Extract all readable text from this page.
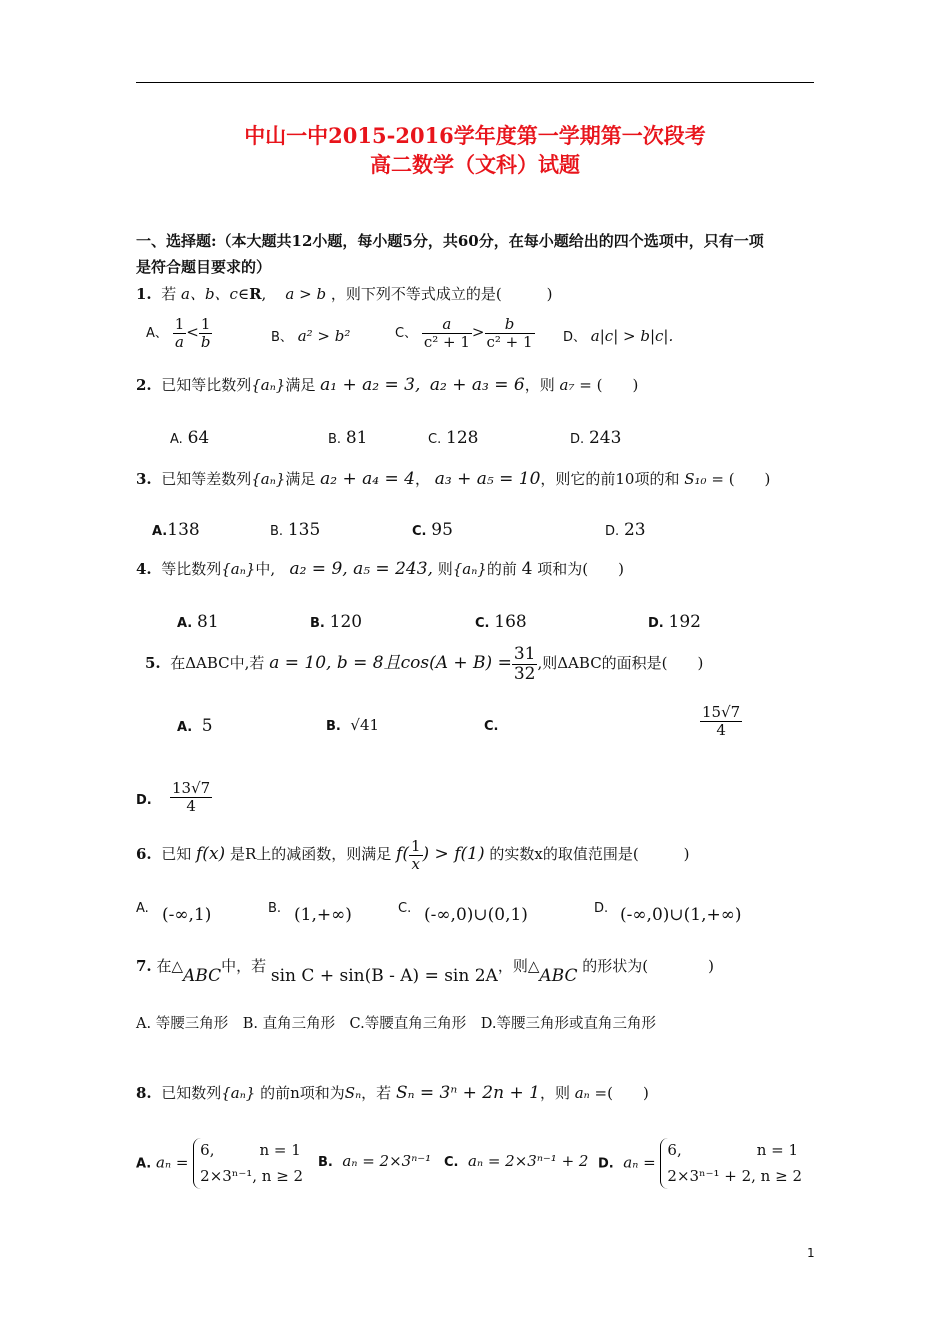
中山一中2015-2016学年度第一学期第一次段考
高二数学（文科）试题
一、选择题:（本大题共12小题，每小题5分，共60分，在每小题给出的四个选项中，只有一项
是符合题目要求的）
1. 若 a、b、c∈R,    a > b ，则下列不等式成立的是(　　　)
A、 $\frac{1}{a} < \frac{1}{b}$	B、 a² > b²	C、 $\frac{a}{\text{c² + 1}} > \frac{b}{\text{c² + 1}}$ D、 a|c| > b|c|.
2. 已知等比数列{aₙ}满足 a₁ + a₂ = 3, a₂ + a₃ = 6，则 a₇ = (　　)
A. 64	B. 81	C. 128	D. 243
3. 已知等差数列{aₙ}满足 a₂ + a₄ = 4， a₃ + a₅ = 10，则它的前10项的和 S₁₀ = (　　)
A.138	B. 135	C. 95	D. 23
4. 等比数列{aₙ}中, a₂ = 9, a₅ = 243, 则{aₙ}的前 4 项和为(　　)
A. 81	B. 120	C. 168	D. 192
5. 在ΔABC中,若 a = 10, b = 8且$\cos(A + B) = \frac{31}{32}$ ,则ΔABC的面积是(　　)
A. 5	B. √41	C.	$\frac{15√7}{4}$
D. $\frac{13√7}{4}$
6. 已知 f(x) 是R上的减函数，则满足 $f( \frac{1}{x}$ ) > f(1) 的实数x的取值范围是(　　　)
A. (-∞,1)	B. (1,+∞)	C. (-∞,0)∪(0,1)	D. (-∞,0)∪(1,+∞)
7. 在△ABC中，若 sin C + sin(B - A) = sin 2A，则△ABC 的形状为(　　　　)
A. 等腰三角形　B. 直角三角形　C.等腰直角三角形　D.等腰三角形或直角三角形
8. 已知数列{aₙ} 的前n项和为Sₙ，若 Sₙ = 3ⁿ + 2n + 1，则 aₙ =(　　)
A. aₙ =
6,　　　n = 1
2×3ⁿ⁻¹, n ≥ 2
B. aₙ = 2×3ⁿ⁻¹ C. aₙ = 2×3ⁿ⁻¹ + 2 D. aₙ =
6,　　　　　n = 1
2×3ⁿ⁻¹ + 2, n ≥ 2
1
